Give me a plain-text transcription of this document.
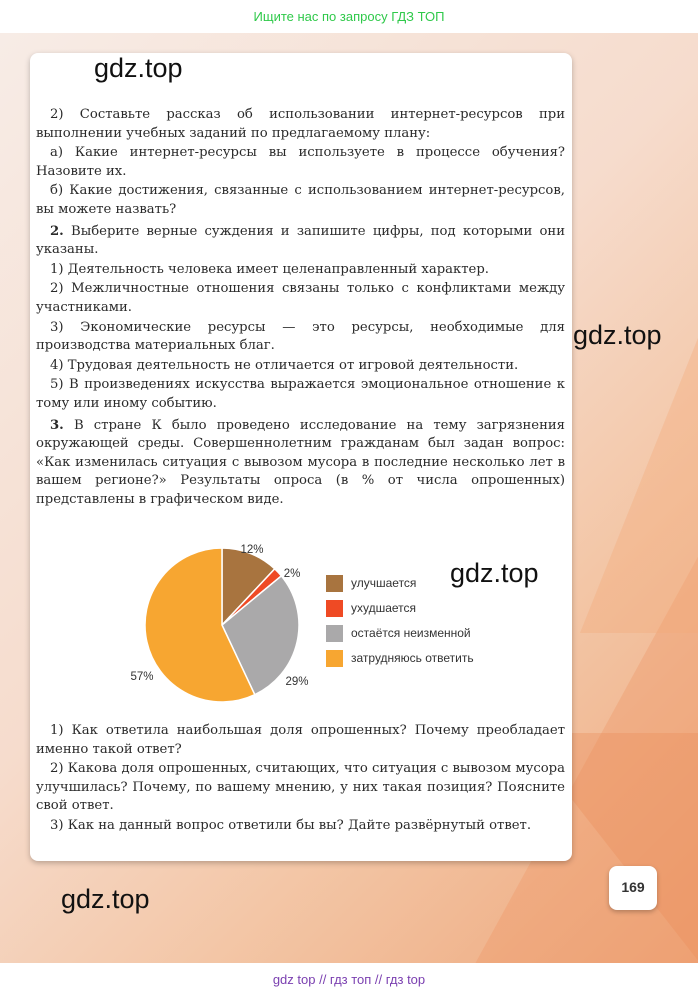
Ищите нас по запросу ГДЗ ТОП
gdz.top
gdz.top
gdz.top
gdz.top

2) Составьте рассказ об использовании интернет-ресурсов при выполнении учебных заданий по предлагаемому плану:

а) Какие интернет-ресурсы вы используете в процессе обучения? Назовите их.

б) Какие достижения, связанные с использованием интернет-ресурсов, вы можете назвать?

2. Выберите верные суждения и запишите цифры, под которыми они указаны.

1) Деятельность человека имеет целенаправленный характер.

2) Межличностные отношения связаны только с конфликтами между участниками.

3) Экономические ресурсы — это ресурсы, необходимые для производства материальных благ.

4) Трудовая деятельность не отличается от игровой деятельности.

5) В произведениях искусства выражается эмоциональное отношение к тому или иному событию.

3. В стране К было проведено исследование на тему загрязнения окружающей среды. Совершеннолетним гражданам был задан вопрос: «Как изменилась ситуация с вывозом мусора в последние несколько лет в вашем регионе?» Результаты опроса (в % от числа опрошенных) представлены в графическом виде.

12%
2%
29%
57%
улучшается
ухудшается
остаётся неизменной
затрудняюсь ответить

1) Как ответила наибольшая доля опрошенных? Почему преобладает именно такой ответ?

2) Какова доля опрошенных, считающих, что ситуация с вывозом мусора улучшилась? Почему, по вашему мнению, у них такая позиция? Поясните свой ответ.

3) Как на данный вопрос ответили бы вы? Дайте развёрнутый ответ.

169
gdz top // гдз топ // гдз top
